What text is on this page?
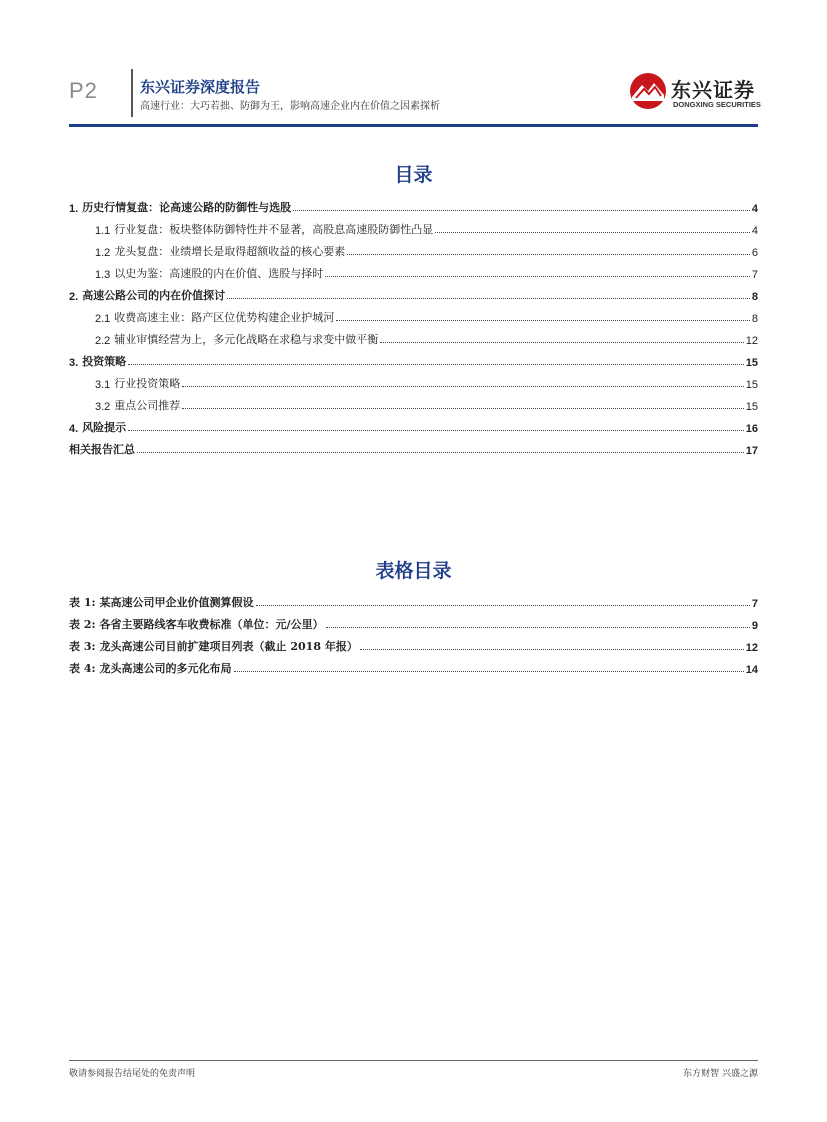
P2	东兴证券深度报告
高速行业：大巧若拙、防御为王，影响高速企业内在价值之因素探析
东兴证券
DONGXING SECURITIES
目录
1. 历史行情复盘：论高速公路的防御性与选股	4
1.1 行业复盘：板块整体防御特性并不显著，高股息高速股防御性凸显	4
1.2 龙头复盘：业绩增长是取得超额收益的核心要素	6
1.3 以史为鉴：高速股的内在价值、选股与择时	7
2. 高速公路公司的内在价值探讨	8
2.1 收费高速主业：路产区位优势构建企业护城河	8
2.2 辅业审慎经营为上，多元化战略在求稳与求变中做平衡	12
3. 投资策略	15
3.1 行业投资策略	15
3.2 重点公司推荐	15
4. 风险提示	16
相关报告汇总	17
表格目录
表 1: 某高速公司甲企业价值测算假设	7
表 2: 各省主要路线客车收费标准（单位：元/公里）	9
表 3: 龙头高速公司目前扩建项目列表（截止 2018 年报）	12
表 4: 龙头高速公司的多元化布局	14
敬请参阅报告结尾处的免责声明	东方财智 兴盛之源
